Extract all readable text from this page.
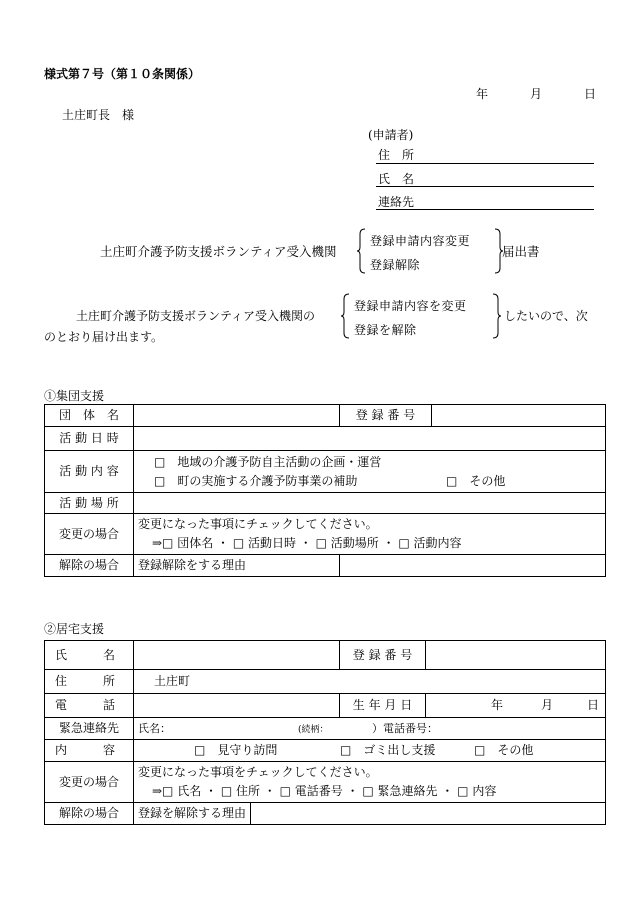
様式第７号（第１０条関係）
年	月	日
土庄町長　様
(申請者)
住　所
氏　名
連絡先
土庄町介護予防支援ボランティア受入機関
登録申請内容変更
登録解除
届出書
土庄町介護予防支援ボランティア受入機関の
登録申請内容を変更
登録を解除
したいので、次
のとおり届け出ます。
①集団支援
団　体　名		登 録 番 号	
活 動 日 時			
活 動 内 容	□　地域の介護予防自主活動の企画・運営
□　町の実施する介護予防事業の補助 □　その他		

活 動 場 所			
変更の場合	変更になった事項にチェックしてください。
⇒□ 団体名 ・ □ 活動日時 ・ □ 活動場所 ・ □ 活動内容		

解除の場合	登録解除をする理由		
②居宅支援
氏　　　名		登 録 番 号	

住　　　所	土庄町		

電　　　話		生 年 月 日	年 月 日

緊急連絡先	氏名： (続柄： ）電話番号：		

内　　　容	□　見守り訪問 □　ゴミ出し支援 □　その他		
変更の場合	変更になった事項をチェックしてください。
⇒□ 氏名 ・ □ 住所 ・ □ 電話番号 ・ □ 緊急連絡先 ・ □ 内容		

解除の場合	登録を解除する理由		
